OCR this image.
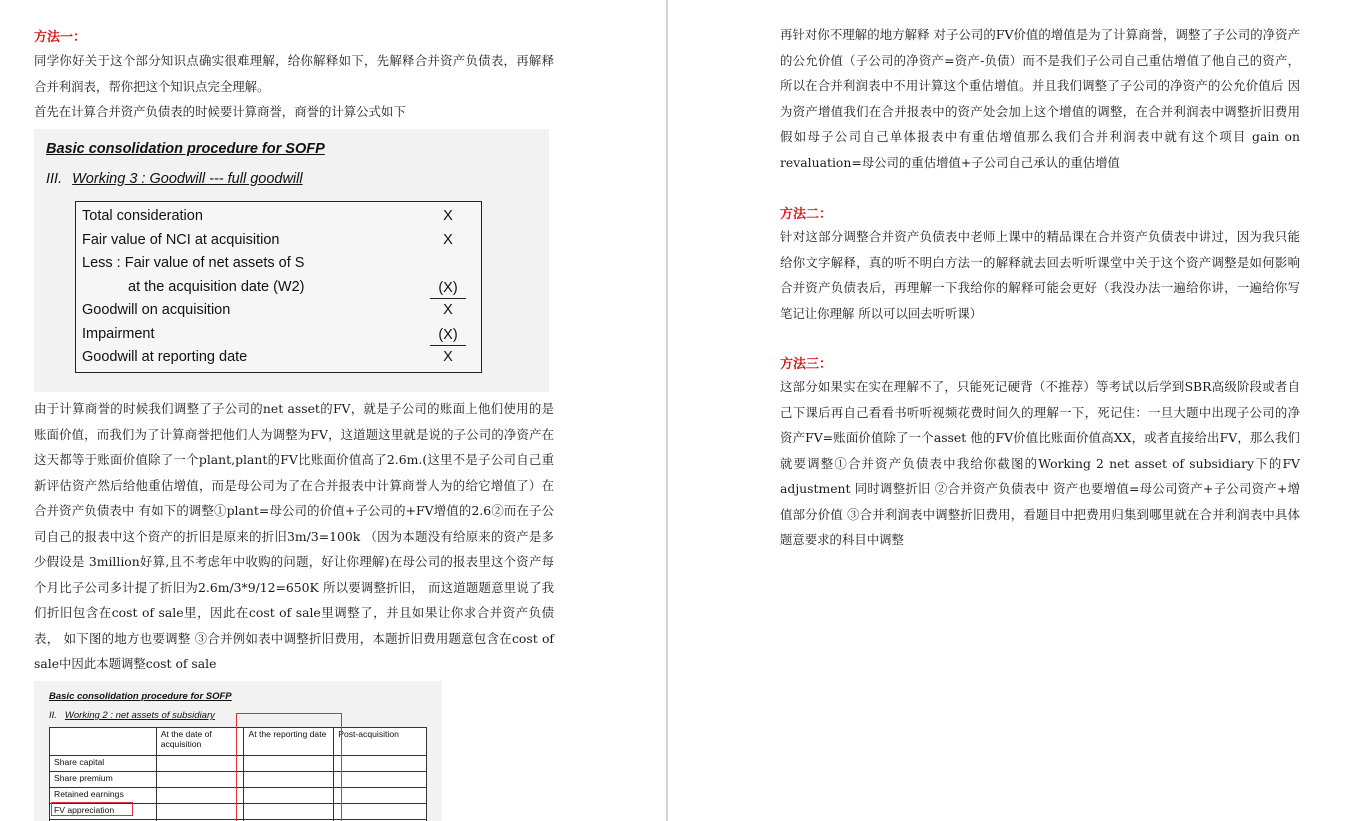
方法一：
同学你好关于这个部分知识点确实很难理解，给你解释如下，先解释合并资产负债表，再解释合并利润表，帮你把这个知识点完全理解。
首先在计算合并资产负债表的时候要计算商誉，商誉的计算公式如下
Basic consolidation procedure for SOFP
III. Working 3 : Goodwill --- full goodwill
Total consideration	X
Fair value of NCI at acquisition	X
Less : Fair value of net assets of S
at the acquisition date (W2)	(X)
Goodwill on acquisition	X
Impairment	(X)
Goodwill at reporting date	X
由于计算商誉的时候我们调整了子公司的net asset的FV，就是子公司的账面上他们使用的是账面价值，而我们为了计算商誉把他们人为调整为FV，这道题这里就是说的子公司的净资产在这天都等于账面价值除了一个plant,plant的FV比账面价值高了2.6m.(这里不是子公司自己重新评估资产然后给他重估增值，而是母公司为了在合并报表中计算商誉人为的给它增值了）在合并资产负债表中 有如下的调整①plant=母公司的价值+子公司的+FV增值的2.6②而在子公司自己的报表中这个资产的折旧是原来的折旧3m/3=100k （因为本题没有给原来的资产是多少假设是 3million好算,且不考虑年中收购的问题，好让你理解)在母公司的报表里这个资产每个月比子公司多计提了折旧为2.6m/3*9/12=650K 所以要调整折旧， 而这道题题意里说了我们折旧包含在cost of sale里，因此在cost of sale里调整了，并且如果让你求合并资产负债表， 如下图的地方也要调整 ③合并例如表中调整折旧费用，本题折旧费用题意包含在cost of sale中因此本题调整cost of sale
Basic consolidation procedure for SOFP
II. Working 2 : net assets of subsidiary
	At the date of acquisition	At the reporting date	Post-acquisition
Share capital			
Share premium			
Retained earnings			
FV appreciation			

再针对你不理解的地方解释 对子公司的FV价值的增值是为了计算商誉，调整了子公司的净资产的公允价值（子公司的净资产=资产-负债）而不是我们子公司自己重估增值了他自己的资产，所以在合并利润表中不用计算这个重估增值。并且我们调整了子公司的净资产的公允价值后 因为资产增值我们在合并报表中的资产处会加上这个增值的调整，在合并利润表中调整折旧费用 假如母子公司自己单体报表中有重估增值那么我们合并利润表中就有这个项目 gain on revaluation=母公司的重估增值+子公司自己承认的重估增值
方法二：
针对这部分调整合并资产负债表中老师上课中的精品课在合并资产负债表中讲过，因为我只能给你文字解释，真的听不明白方法一的解释就去回去听听课堂中关于这个资产调整是如何影响合并资产负债表后，再理解一下我给你的解释可能会更好（我没办法一遍给你讲，一遍给你写笔记让你理解 所以可以回去听听课）
方法三：
这部分如果实在实在理解不了，只能死记硬背（不推荐）等考试以后学到SBR高级阶段或者自己下课后再自己看看书听听视频花费时间久的理解一下，死记住：一旦大题中出现子公司的净资产FV=账面价值除了一个asset 他的FV价值比账面价值高XX，或者直接给出FV，那么我们就要调整①合并资产负债表中我给你截图的Working 2 net asset of subsidiary下的FV adjustment 同时调整折旧 ②合并资产负债表中 资产也要增值=母公司资产+子公司资产+增值部分价值 ③合并利润表中调整折旧费用，看题目中把费用归集到哪里就在合并利润表中具体题意要求的科目中调整
